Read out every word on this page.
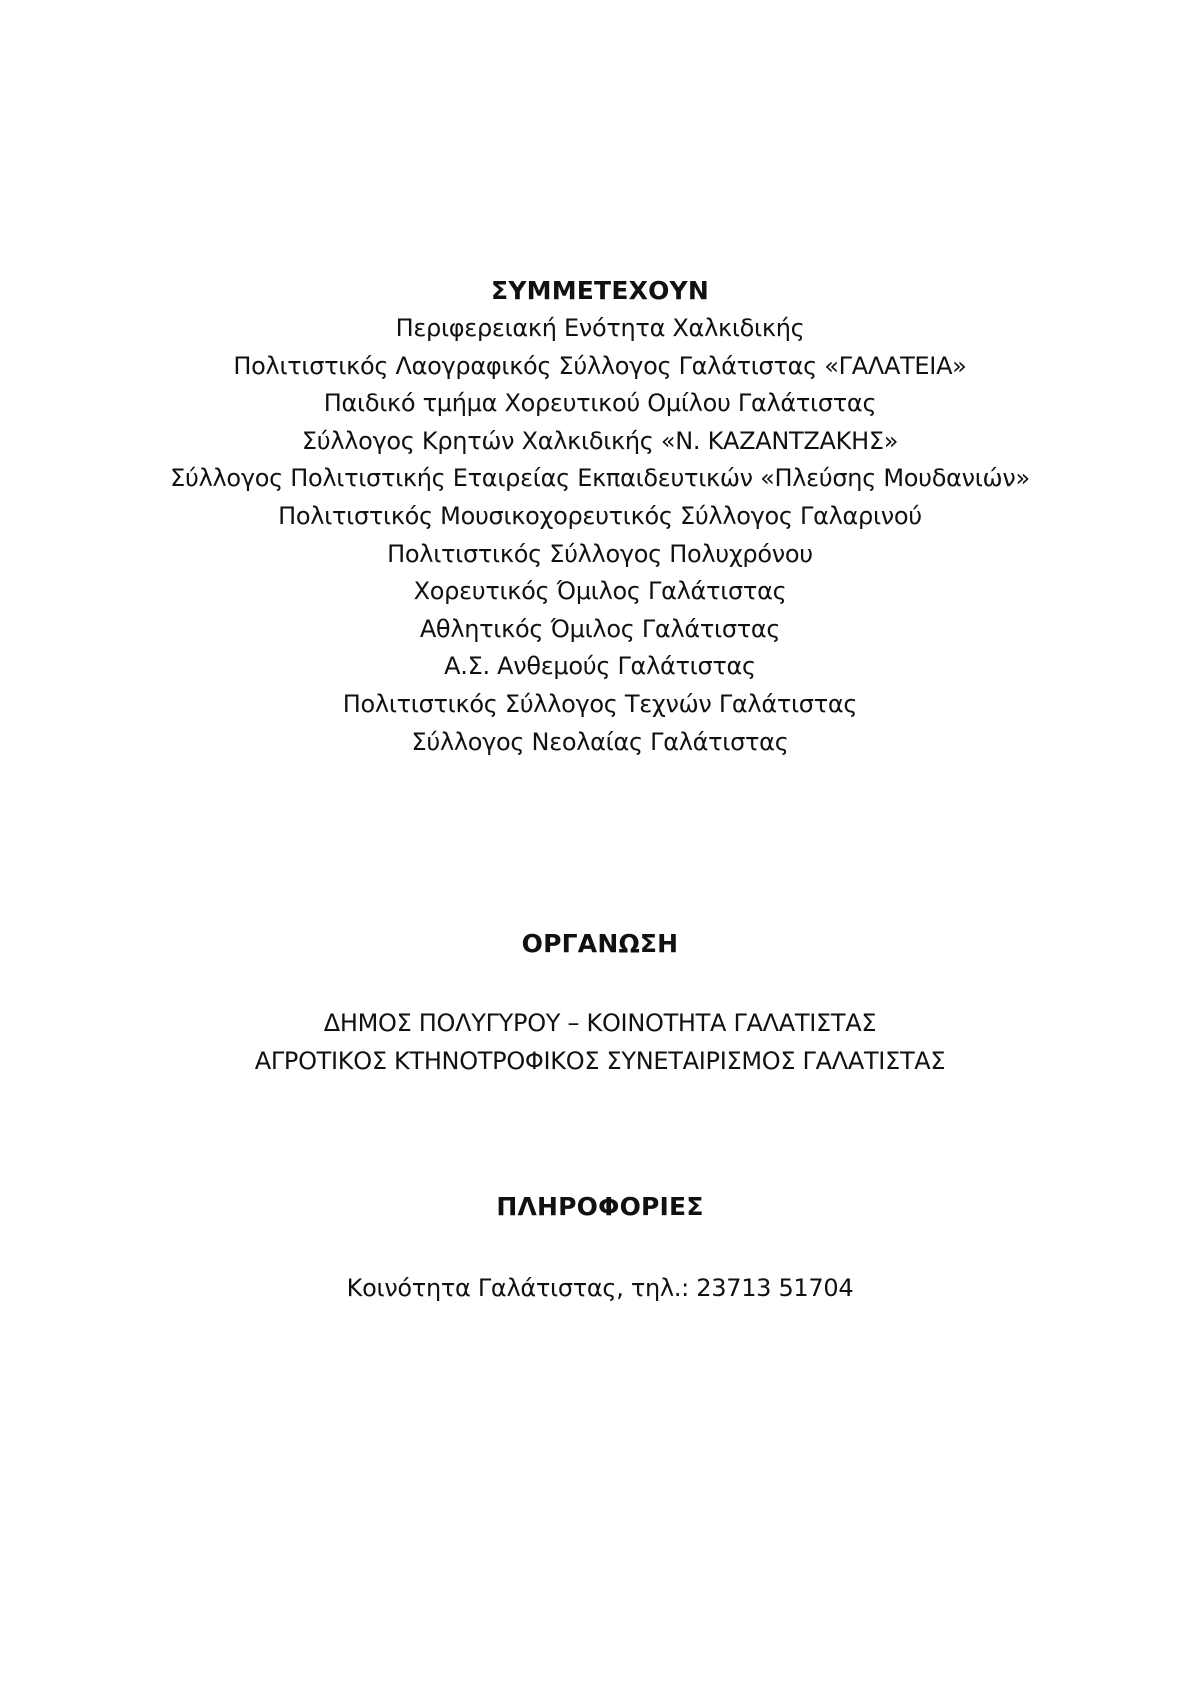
ΣΥΜΜΕΤΕΧΟΥΝ
Περιφερειακή Ενότητα Χαλκιδικής
Πολιτιστικός Λαογραφικός Σύλλογος Γαλάτιστας «ΓΑΛΑΤΕΙΑ»
Παιδικό τμήμα Χορευτικού Ομίλου Γαλάτιστας
Σύλλογος Κρητών Χαλκιδικής «Ν. ΚΑΖΑΝΤΖΑΚΗΣ»
Σύλλογος Πολιτιστικής Εταιρείας Εκπαιδευτικών «Πλεύσης Μουδανιών»
Πολιτιστικός Μουσικοχορευτικός Σύλλογος Γαλαρινού
Πολιτιστικός Σύλλογος Πολυχρόνου
Χορευτικός Όμιλος Γαλάτιστας
Αθλητικός Όμιλος Γαλάτιστας
Α.Σ. Ανθεμούς Γαλάτιστας
Πολιτιστικός Σύλλογος Τεχνών Γαλάτιστας
Σύλλογος Νεολαίας Γαλάτιστας
ΟΡΓΑΝΩΣΗ
ΔΗΜΟΣ ΠΟΛΥΓΥΡΟΥ – ΚΟΙΝΟΤΗΤΑ ΓΑΛΑΤΙΣΤΑΣ
ΑΓΡΟΤΙΚΟΣ ΚΤΗΝΟΤΡΟΦΙΚΟΣ ΣΥΝΕΤΑΙΡΙΣΜΟΣ ΓΑΛΑΤΙΣΤΑΣ
ΠΛΗΡΟΦΟΡΙΕΣ
Κοινότητα Γαλάτιστας, τηλ.: 23713 51704
